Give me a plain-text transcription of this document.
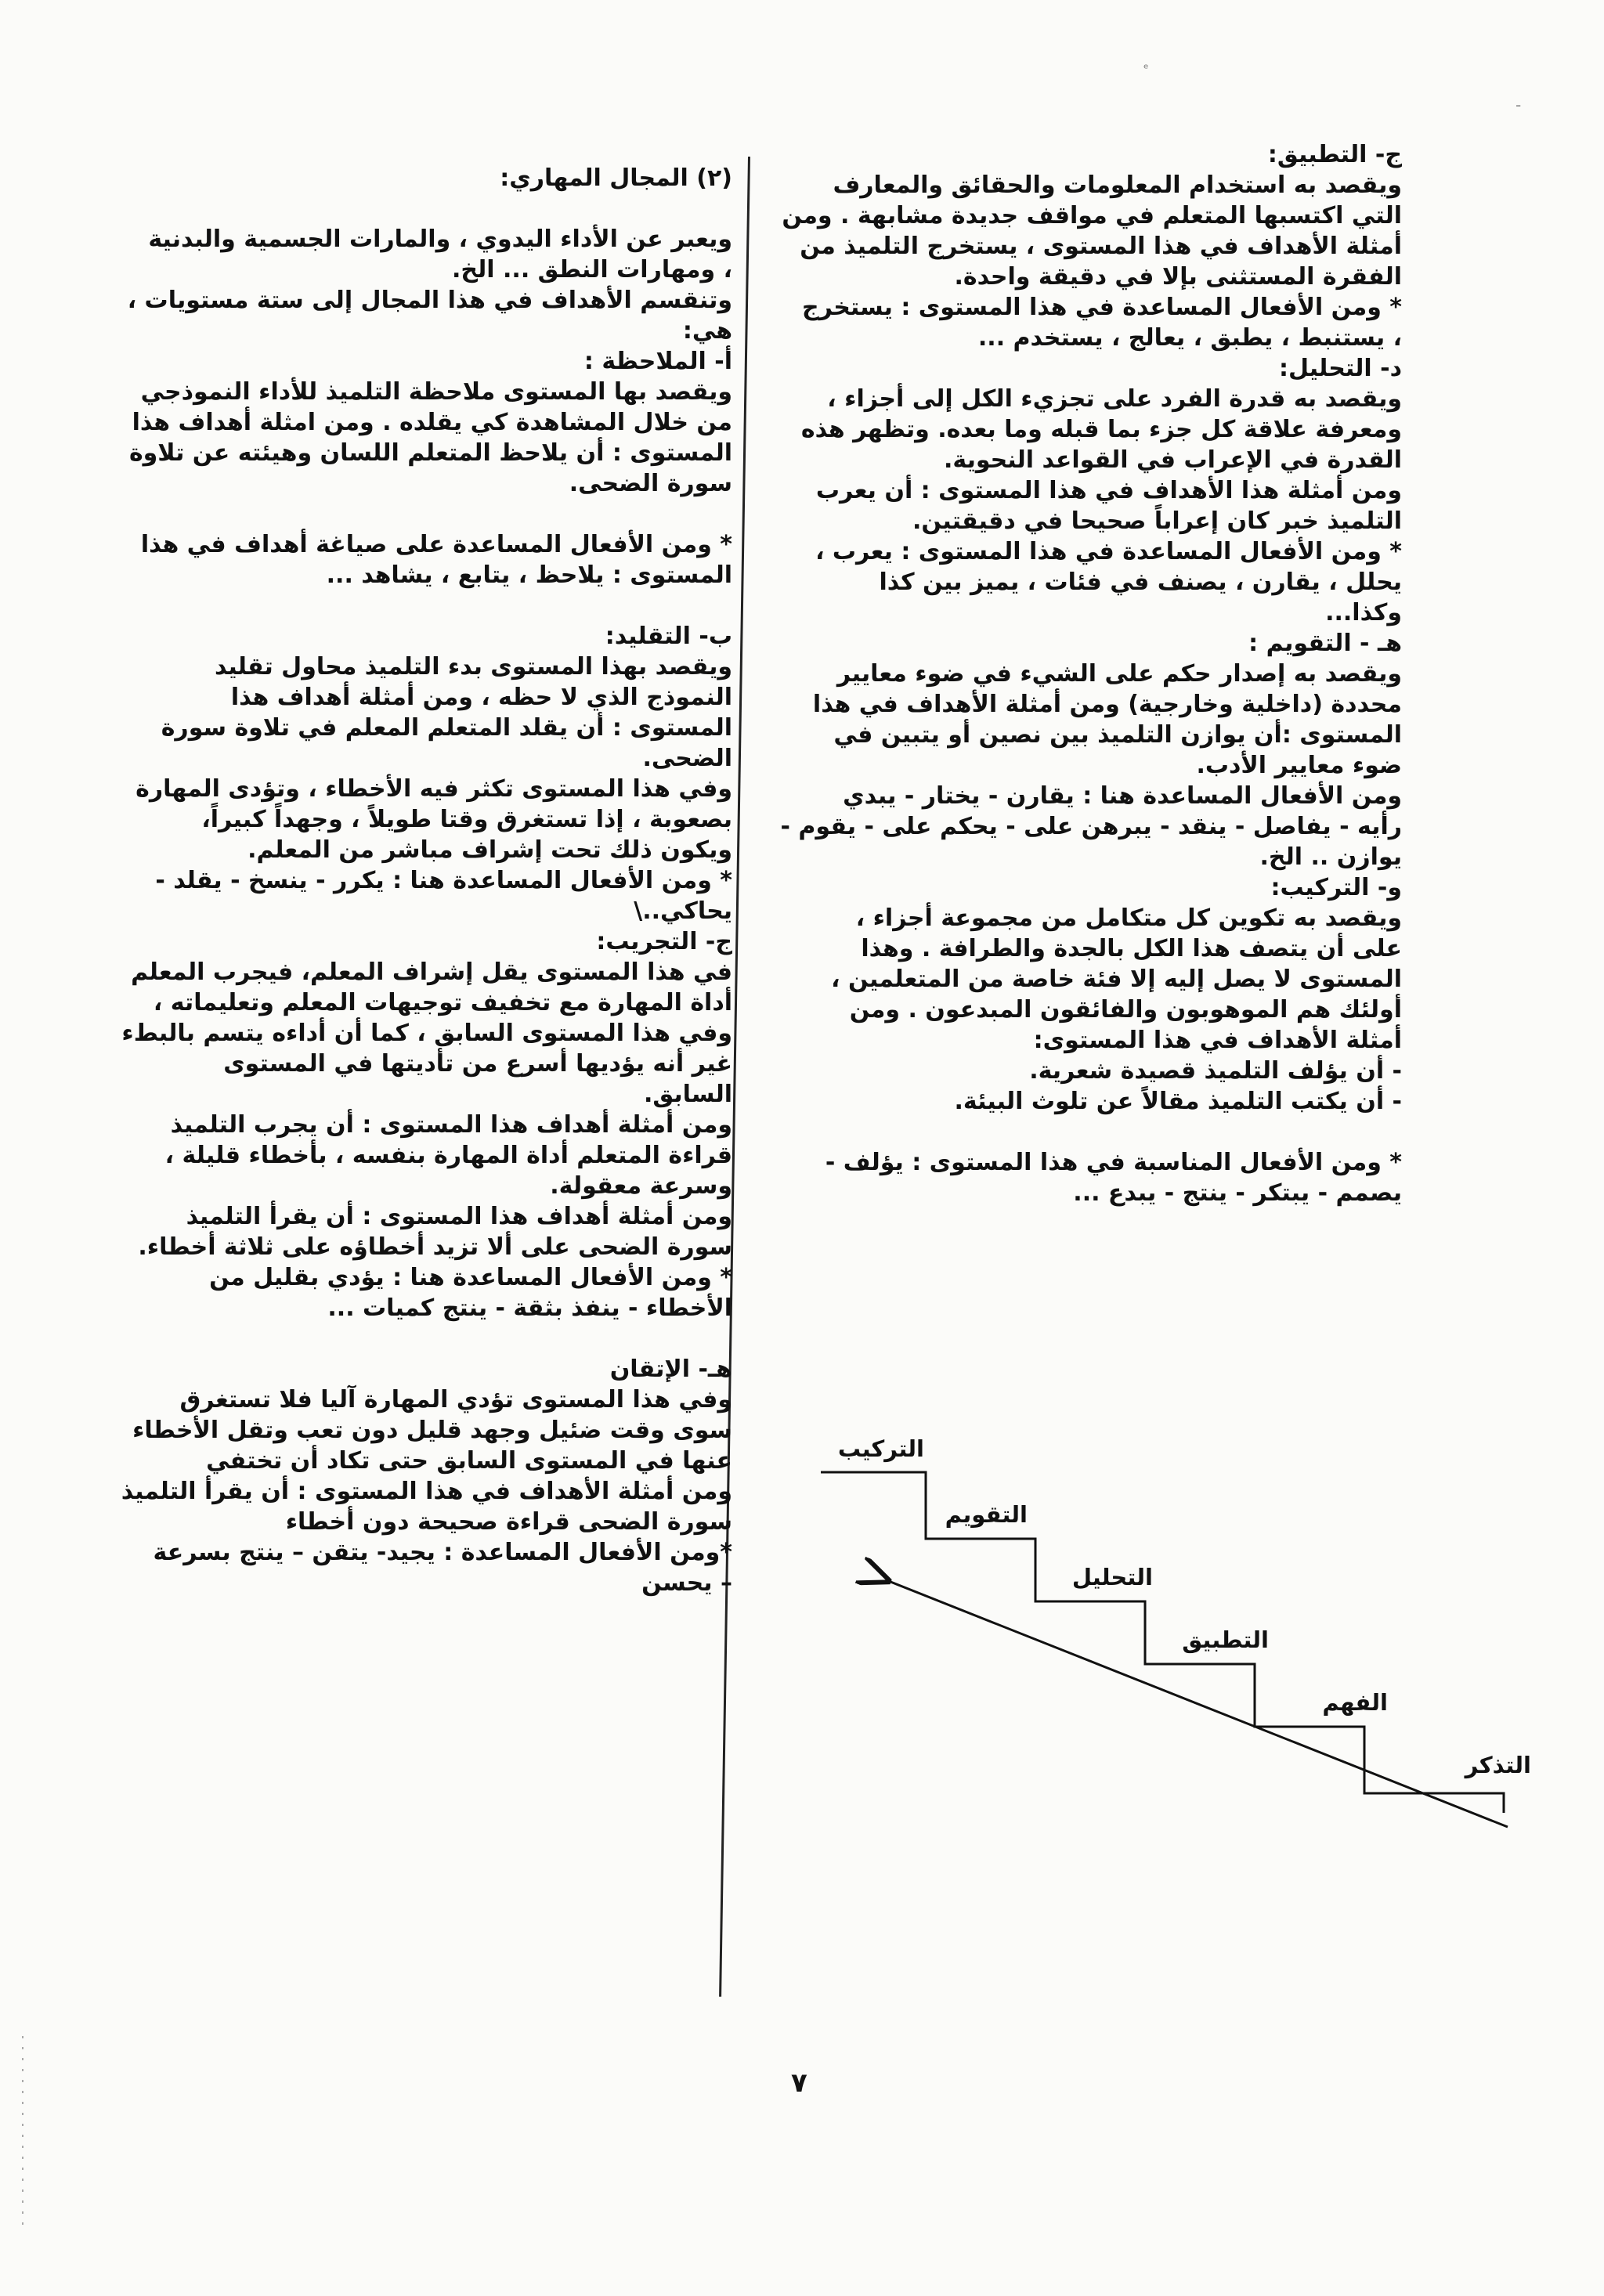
ᵉ
-

ج- التطبيق:

ويقصد به استخدام المعلومات والحقائق والمعارف

التي اكتسبها المتعلم في مواقف جديدة مشابهة . ومن

أمثلة الأهداف في هذا المستوى ، يستخرج التلميذ من

الفقرة المستثنى بإلا في دقيقة واحدة.

* ومن الأفعال المساعدة في هذا المستوى : يستخرج

، يستنبط ، يطبق ، يعالج ، يستخدم ...

د- التحليل:

ويقصد به قدرة الفرد على تجزيء الكل إلى أجزاء ،

ومعرفة علاقة كل جزء بما قبله وما بعده. وتظهر هذه

القدرة في الإعراب في القواعد النحوية.

ومن أمثلة هذا الأهداف في هذا المستوى : أن يعرب

التلميذ خبر كان إعراباً صحيحا في دقيقتين.

* ومن الأفعال المساعدة في هذا المستوى : يعرب ،

يحلل ، يقارن ، يصنف في فئات ، يميز بين كذا

وكذا...

هـ - التقويم :

ويقصد به إصدار حكم على الشيء في ضوء معايير

محددة (داخلية وخارجية) ومن أمثلة الأهداف في هذا

المستوى :أن يوازن التلميذ بين نصين أو يتبين في

ضوء معايير الأدب.

ومن الأفعال المساعدة هنا : يقارن - يختار - يبدي

رأيه - يفاصل - ينقد - يبرهن على - يحكم على - يقوم -

يوازن .. الخ.

و- التركيب:

ويقصد به تكوين كل متكامل من مجموعة أجزاء ،

على أن يتصف هذا الكل بالجدة والطرافة . وهذا

المستوى لا يصل إليه إلا فئة خاصة من المتعلمين ،

أولئك هم الموهوبون والفائقون المبدعون . ومن

أمثلة الأهداف في هذا المستوى:

- أن يؤلف التلميذ قصيدة شعرية.

- أن يكتب التلميذ مقالاً عن تلوث البيئة.

* ومن الأفعال المناسبة في هذا المستوى : يؤلف -

يصمم - يبتكر - ينتج - يبدع ...

(٢) المجال المهاري:

ويعبر عن الأداء اليدوي ، والمارات الجسمية والبدنية

، ومهارات النطق ... الخ.

وتنقسم الأهداف في هذا المجال إلى ستة مستويات ،

هي:

أ- الملاحظة :

ويقصد بها المستوى ملاحظة التلميذ للأداء النموذجي

من خلال المشاهدة كي يقلده . ومن امثلة أهداف هذا

المستوى : أن يلاحظ المتعلم اللسان وهيئته عن تلاوة

سورة الضحى.

* ومن الأفعال المساعدة على صياغة أهداف في هذا

المستوى : يلاحظ ، يتابع ، يشاهد ...

ب- التقليد:

ويقصد بهذا المستوى بدء التلميذ محاول تقليد

النموذج الذي لا حظه ، ومن أمثلة أهداف هذا

المستوى : أن يقلد المتعلم المعلم في تلاوة سورة

الضحى.

وفي هذا المستوى تكثر فيه الأخطاء ، وتؤدى المهارة

بصعوبة ، إذا تستغرق وقتا طويلاً ، وجهداً كبيراً،

ويكون ذلك تحت إشراف مباشر من المعلم.

* ومن الأفعال المساعدة هنا : يكرر - ينسخ - يقلد -

يحاكي..\

ج- التجريب:

في هذا المستوى يقل إشراف المعلم، فيجرب المعلم

أداة المهارة مع تخفيف توجيهات المعلم وتعليماته ،

وفي هذا المستوى السابق ، كما أن أداءه يتسم بالبطء

غير أنه يؤديها أسرع من تأديتها في المستوى

السابق.

ومن أمثلة أهداف هذا المستوى : أن يجرب التلميذ

قراءة المتعلم أداة المهارة بنفسه ، بأخطاء قليلة ،

وسرعة معقولة.

ومن أمثلة أهداف هذا المستوى : أن يقرأ التلميذ

سورة الضحى على ألا تزيد أخطاؤه على ثلاثة أخطاء.

* ومن الأفعال المساعدة هنا : يؤدي بقليل من

الأخطاء - ينفذ بثقة - ينتج كميات ...

هـ- الإتقان

وفي هذا المستوى تؤدي المهارة آليا فلا تستغرق

سوى وقت ضئيل وجهد قليل دون تعب وتقل الأخطاء

عنها في المستوى السابق حتى تكاد أن تختفي

ومن أمثلة الأهداف في هذا المستوى : أن يقرأ التلميذ

سورة الضحى قراءة صحيحة دون أخطاء

*ومن الأفعال المساعدة : يجيد- يتقن – ينتج بسرعة

– يحسن

التركيب
التقويم
التحليل
التطبيق
الفهم
التذكر
٧
